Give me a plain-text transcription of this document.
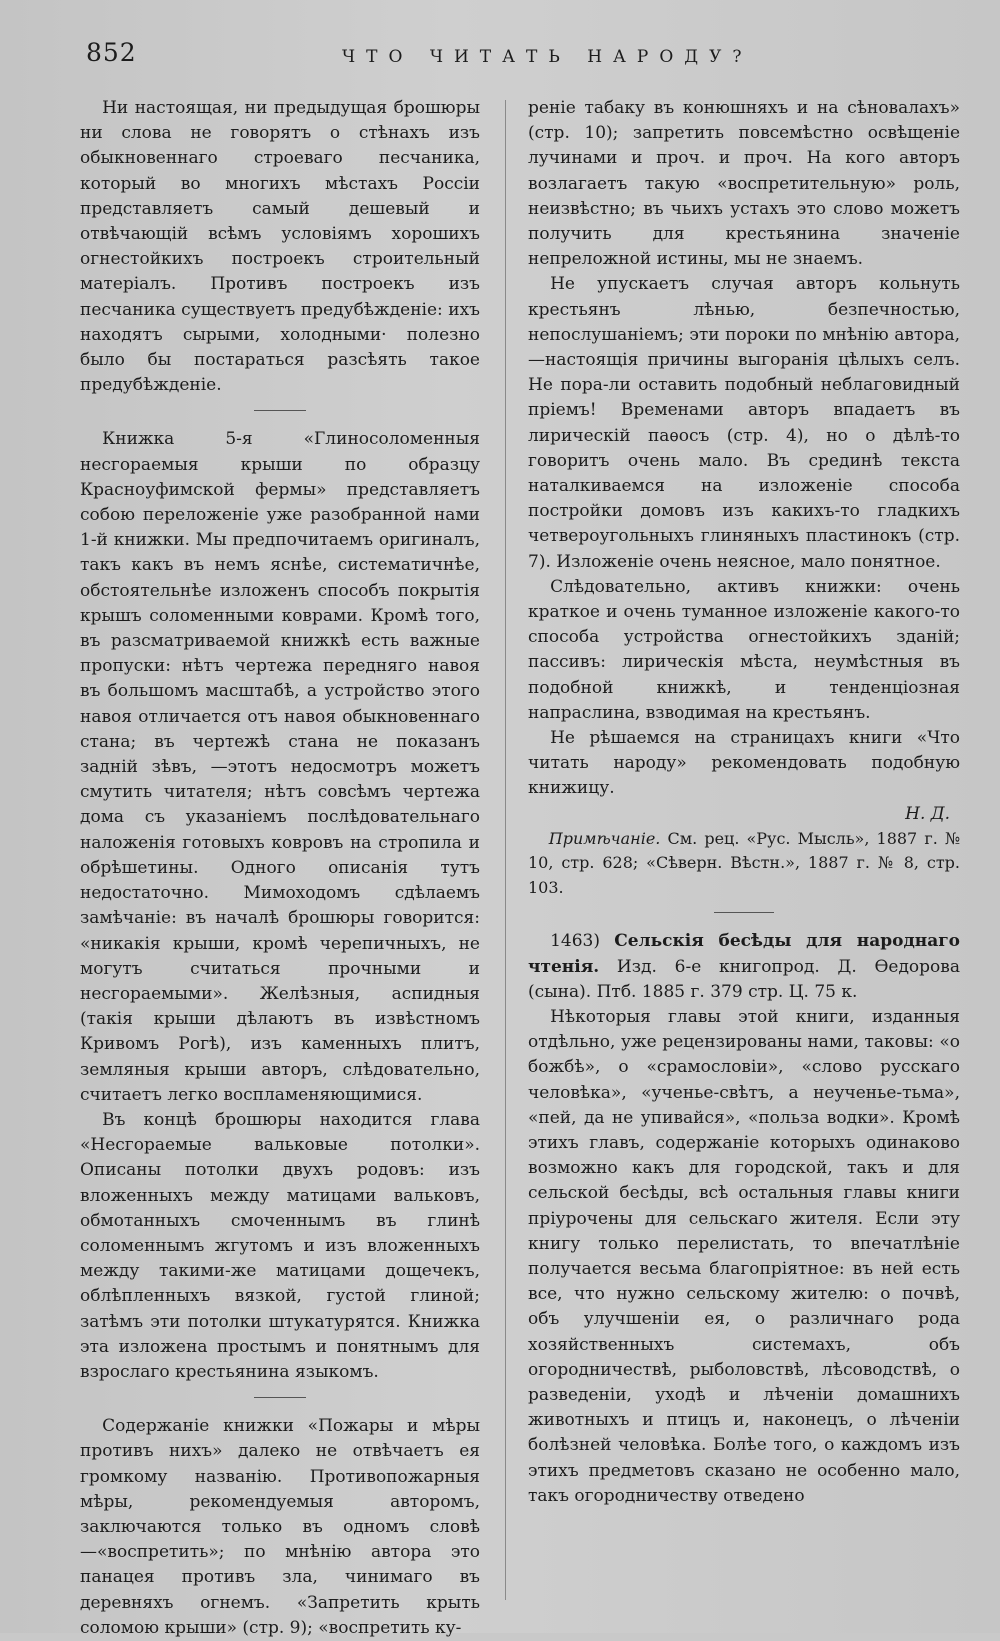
852	ЧТО ЧИТАТЬ НАРОДУ?

Ни настоящая, ни предыдущая брошюры ни слова не говорятъ о стѣнахъ изъ обыкновеннаго строеваго песчаника, который во многихъ мѣстахъ Россіи представляетъ самый дешевый и отвѣчающій всѣмъ условіямъ хорошихъ огнестойкихъ построекъ строительный матеріалъ. Противъ построекъ изъ песчаника существуетъ предубѣжденіе: ихъ находятъ сырыми, холодными· полезно было бы постараться разсѣять такое предубѣжденіе.

Книжка 5-я «Глиносоломенныя несгораемыя крыши по образцу Красноуфимской фермы» представляетъ собою переложеніе уже разобранной нами 1-й книжки. Мы предпочитаемъ оригиналъ, такъ какъ въ немъ яснѣе, систематичнѣе, обстоятельнѣе изложенъ способъ покрытія крышъ соломенными коврами. Кромѣ того, въ разсматриваемой книжкѣ есть важные пропуски: нѣтъ чертежа передняго навоя въ большомъ масштабѣ, а устройство этого навоя отличается отъ навоя обыкновеннаго стана; въ чертежѣ стана не показанъ задній зѣвъ, —этотъ недосмотръ можетъ смутить читателя; нѣтъ совсѣмъ чертежа дома съ указаніемъ послѣдовательнаго наложенія готовыхъ ковровъ на стропила и обрѣшетины. Одного описанія тутъ недостаточно. Мимоходомъ сдѣлаемъ замѣчаніе: въ началѣ брошюры говорится: «никакія крыши, кромѣ черепичныхъ, не могутъ считаться прочными и несгораемыми». Желѣзныя, аспидныя (такія крыши дѣлаютъ въ извѣстномъ Кривомъ Рогѣ), изъ каменныхъ плитъ, земляныя крыши авторъ, слѣдовательно, считаетъ легко воспламеняющимися.

Въ концѣ брошюры находится глава «Несгораемые вальковые потолки». Описаны потолки двухъ родовъ: изъ вложенныхъ между матицами вальковъ, обмотанныхъ смоченнымъ въ глинѣ соломеннымъ жгутомъ и изъ вложенныхъ между такими-же матицами дощечекъ, облѣпленныхъ вязкой, густой глиной; затѣмъ эти потолки штукатурятся. Книжка эта изложена простымъ и понятнымъ для взрослаго крестьянина языкомъ.

Содержаніе книжки «Пожары и мѣры противъ нихъ» далеко не отвѣчаетъ ея громкому названію. Противопожарныя мѣры, рекомендуемыя авторомъ, заключаются только въ одномъ словѣ—«воспретить»; по мнѣнію автора это панацея противъ зла, чинимаго въ деревняхъ огнемъ. «Запретить крыть соломою крыши» (стр. 9); «воспретить ку-

реніе табаку въ конюшняхъ и на сѣновалахъ» (стр. 10); запретить повсемѣстно освѣщеніе лучинами и проч. и проч. На кого авторъ возлагаетъ такую «воспретительную» роль, неизвѣстно; въ чьихъ устахъ это слово можетъ получить для крестьянина значеніе непреложной истины, мы не знаемъ.

Не упускаетъ случая авторъ кольнуть крестьянъ лѣнью, безпечностью, непослушаніемъ; эти пороки по мнѣнію автора,—настоящія причины выгоранія цѣлыхъ селъ. Не пора-ли оставить подобный неблаговидный пріемъ! Временами авторъ впадаетъ въ лирическій паѳосъ (стр. 4), но о дѣлѣ-то говоритъ очень мало. Въ срединѣ текста наталкиваемся на изложеніе способа постройки домовъ изъ какихъ-то гладкихъ четвероугольныхъ глиняныхъ пластинокъ (стр. 7). Изложеніе очень неясное, мало понятное.

Слѣдовательно, активъ книжки: очень краткое и очень туманное изложеніе какого-то способа устройства огнестойкихъ зданій; пассивъ: лирическія мѣста, неумѣстныя въ подобной книжкѣ, и тенденціозная напраслина, взводимая на крестьянъ.

Не рѣшаемся на страницахъ книги «Что читать народу» рекомендовать подобную книжицу.

Н. Д.

Примѣчаніе. См. рец. «Рус. Мысль», 1887 г. № 10, стр. 628; «Сѣверн. Вѣстн.», 1887 г. № 8, стр. 103.

1463) Сельскія бесѣды для народнаго чтенія. Изд. 6-е книгопрод. Д. Ѳедорова (сына). Птб. 1885 г. 379 стр. Ц. 75 к.

Нѣкоторыя главы этой книги, изданныя отдѣльно, уже рецензированы нами, таковы: «о божбѣ», о «срамословіи», «слово русскаго человѣка», «ученье-свѣтъ, а неученье-тьма», «пей, да не упивайся», «польза водки». Кромѣ этихъ главъ, содержаніе которыхъ одинаково возможно какъ для городской, такъ и для сельской бесѣды, всѣ остальныя главы книги пріурочены для сельскаго жителя. Если эту книгу только перелистать, то впечатлѣніе получается весьма благопріятное: въ ней есть все, что нужно сельскому жителю: о почвѣ, объ улучшеніи ея, о различнаго рода хозяйственныхъ системахъ, объ огородничествѣ, рыболовствѣ, лѣсоводствѣ, о разведеніи, уходѣ и лѣченіи домашнихъ животныхъ и птицъ и, наконецъ, о лѣченіи болѣзней человѣка. Болѣе того, о каждомъ изъ этихъ предметовъ сказано не особенно мало, такъ огородничеству отведено
